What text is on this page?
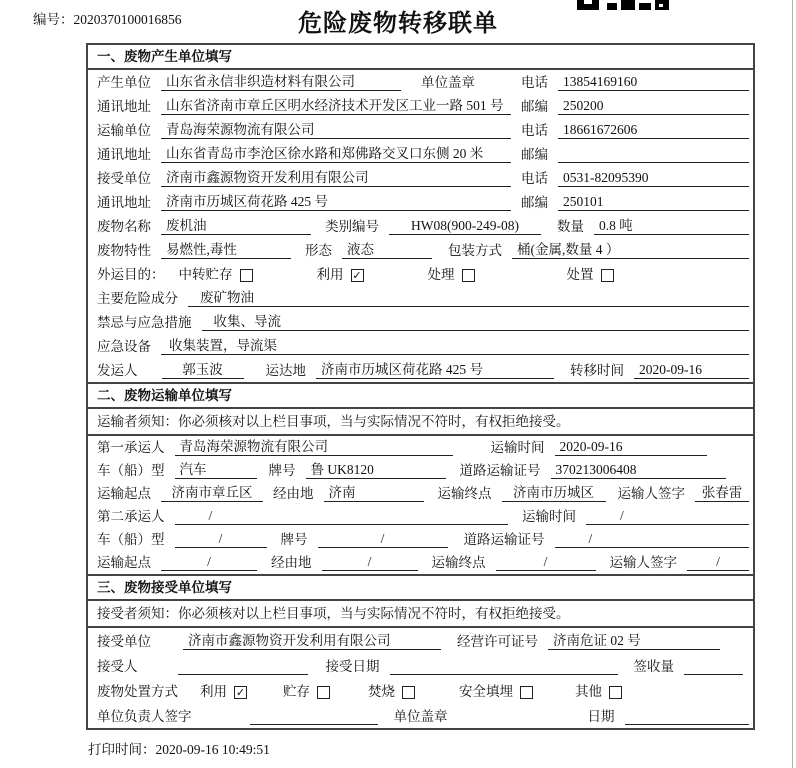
编号：2020370100016856	危险废物转移联单
一、废物产生单位填写
产生单位	山东省永信非织造材料有限公司	单位盖章	电话	13854169160
通讯地址	山东省济南市章丘区明水经济技术开发区工业一路 501 号	邮编	250200
运输单位	青岛海荣源物流有限公司	电话	18661672606
通讯地址	山东省青岛市李沧区徐水路和郑佛路交叉口东侧 20 米	邮编
接受单位	济南市鑫源物资开发利用有限公司	电话	0531-82095390
通讯地址	济南市历城区荷花路 425 号	邮编	250101
废物名称	废机油	类别编号	HW08(900-249-08)	数量	0.8 吨
废物特性	易燃性,毒性	形态	液态	包装方式	桶(金属,数量 4 ）
外运目的： 中转贮存	利用 ✓	处理	处置
主要危险成分	废矿物油
禁忌与应急措施	收集、导流
应急设备	收集装置，导流渠
发运人	郭玉波	运达地	济南市历城区荷花路 425 号	转移时间	2020-09-16
二、废物运输单位填写
运输者须知：你必须核对以上栏目事项，当与实际情况不符时，有权拒绝接受。
第一承运人	青岛海荣源物流有限公司	运输时间	2020-09-16
车（船）型	汽车	牌号	鲁 UK8120	道路运输证号	370213006408
运输起点	济南市章丘区	经由地	济南	运输终点	济南市历城区	运输人签字	张春雷
第二承运人	/	运输时间	/
车（船）型	/	牌号	/	道路运输证号	/
运输起点	/	经由地	/	运输终点	/	运输人签字	/
三、废物接受单位填写
接受者须知：你必须核对以上栏目事项，当与实际情况不符时，有权拒绝接受。
接受单位	济南市鑫源物资开发利用有限公司	经营许可证号	济南危证 02 号
接受人	接受日期	签收量
废物处置方式 利用 ✓	贮存	焚烧	安全填埋	其他
单位负责人签字	单位盖章	日期
打印时间：2020-09-16 10:49:51
